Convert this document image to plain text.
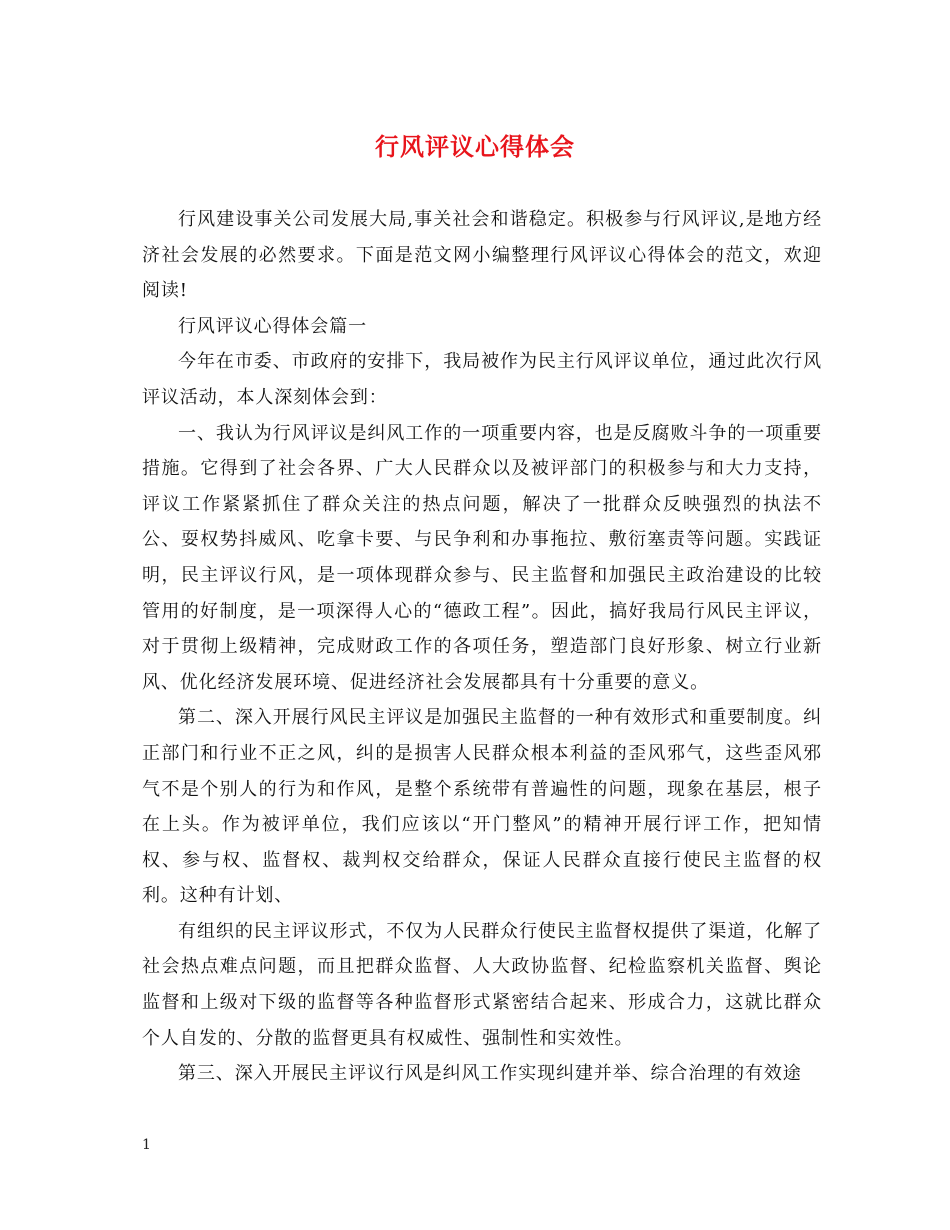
行风评议心得体会

行风建设事关公司发展大局,事关社会和谐稳定。积极参与行风评议,是地方经济社会发展的必然要求。下面是范文网小编整理行风评议心得体会的范文，欢迎阅读!

行风评议心得体会篇一

今年在市委、市政府的安排下，我局被作为民主行风评议单位，通过此次行风评议活动，本人深刻体会到：

一、我认为行风评议是纠风工作的一项重要内容，也是反腐败斗争的一项重要措施。它得到了社会各界、广大人民群众以及被评部门的积极参与和大力支持，评议工作紧紧抓住了群众关注的热点问题，解决了一批群众反映强烈的执法不公、耍权势抖威风、吃拿卡要、与民争利和办事拖拉、敷衍塞责等问题。实践证明，民主评议行风，是一项体现群众参与、民主监督和加强民主政治建设的比较管用的好制度，是一项深得人心的“德政工程”。因此，搞好我局行风民主评议，对于贯彻上级精神，完成财政工作的各项任务，塑造部门良好形象、树立行业新风、优化经济发展环境、促进经济社会发展都具有十分重要的意义。

第二、深入开展行风民主评议是加强民主监督的一种有效形式和重要制度。纠正部门和行业不正之风，纠的是损害人民群众根本利益的歪风邪气，这些歪风邪气不是个别人的行为和作风，是整个系统带有普遍性的问题，现象在基层，根子在上头。作为被评单位，我们应该以“开门整风”的精神开展行评工作，把知情权、参与权、监督权、裁判权交给群众，保证人民群众直接行使民主监督的权利。这种有计划、

有组织的民主评议形式，不仅为人民群众行使民主监督权提供了渠道，化解了社会热点难点问题，而且把群众监督、人大政协监督、纪检监察机关监督、舆论监督和上级对下级的监督等各种监督形式紧密结合起来、形成合力，这就比群众个人自发的、分散的监督更具有权威性、强制性和实效性。

第三、深入开展民主评议行风是纠风工作实现纠建并举、综合治理的有效途

1
